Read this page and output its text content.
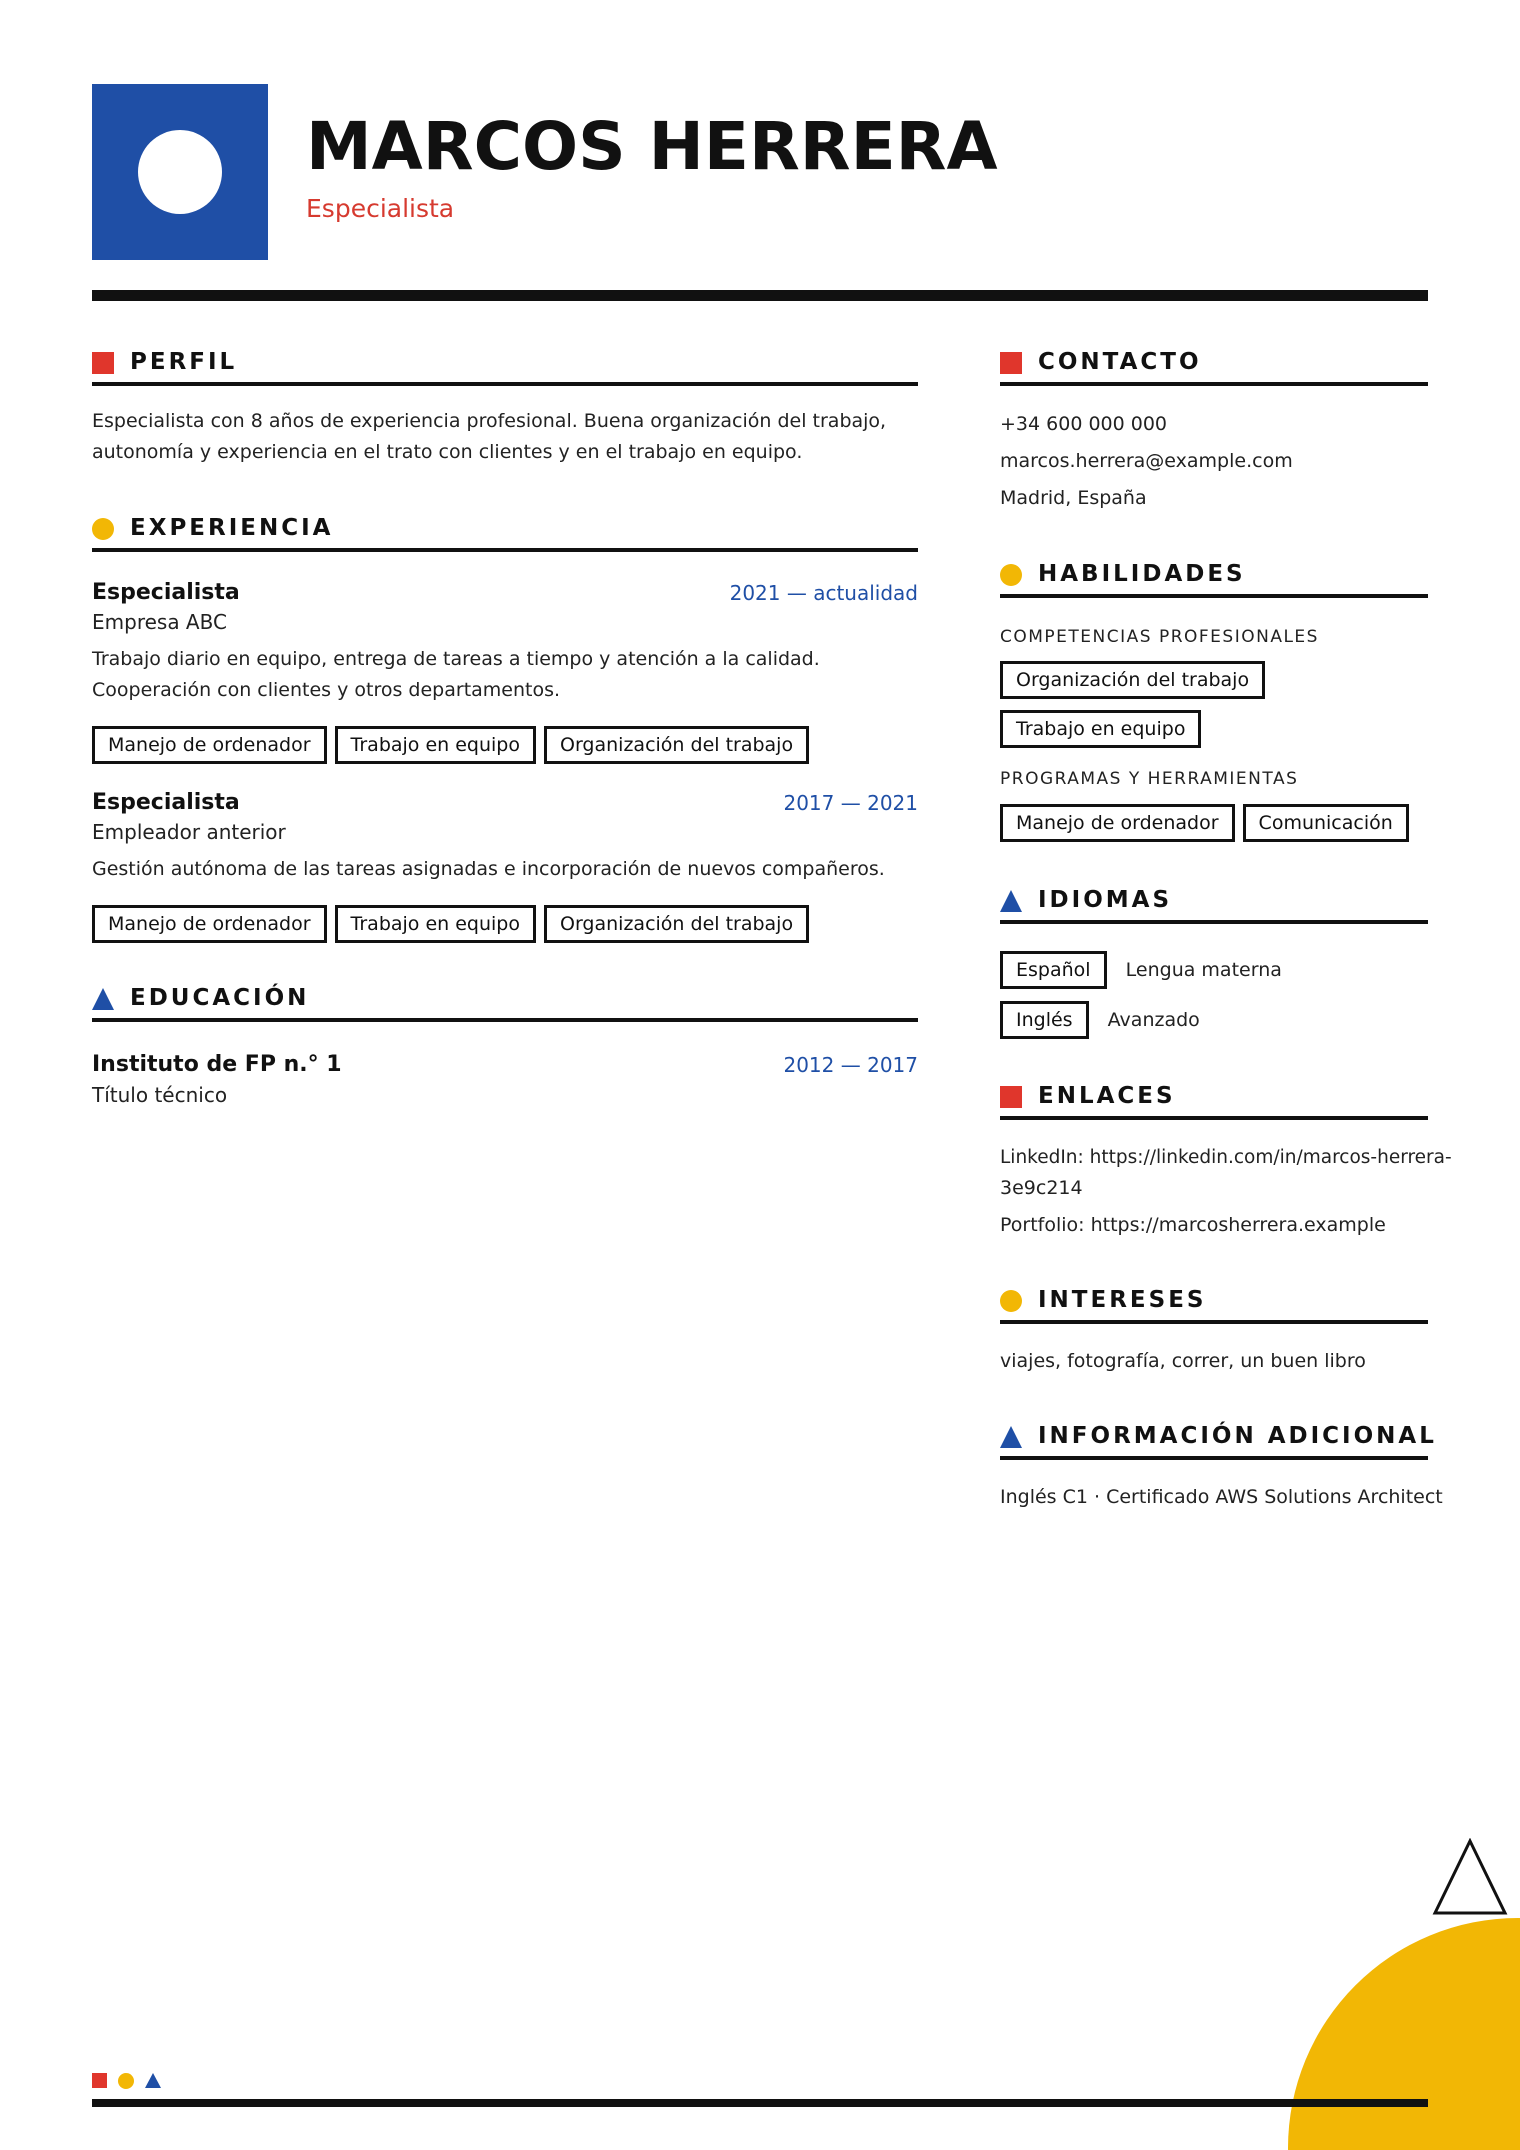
MARCOS HERRERA
Especialista
PERFIL
Especialista con 8 años de experiencia profesional. Buena organización del trabajo, autonomía y experiencia en el trato con clientes y en el trabajo en equipo.
EXPERIENCIA
Especialista	2021 — actualidad
Empresa ABC
Trabajo diario en equipo, entrega de tareas a tiempo y atención a la calidad. Cooperación con clientes y otros departamentos.
Manejo de ordenador Trabajo en equipo Organización del trabajo
Especialista	2017 — 2021
Empleador anterior
Gestión autónoma de las tareas asignadas e incorporación de nuevos compañeros.
Manejo de ordenador Trabajo en equipo Organización del trabajo
EDUCACIÓN
Instituto de FP n.° 1	2012 — 2017
Título técnico
CONTACTO
+34 600 000 000
marcos.herrera@example.com
Madrid, España
HABILIDADES
COMPETENCIAS PROFESIONALES
Organización del trabajo
Trabajo en equipo
PROGRAMAS Y HERRAMIENTAS
Manejo de ordenador Comunicación
IDIOMAS
Español Lengua materna
Inglés Avanzado
ENLACES
LinkedIn: https://linkedin.com/in/marcos-herrera-
3e9c214
Portfolio: https://marcosherrera.example
INTERESES
viajes, fotografía, correr, un buen libro
INFORMACIÓN ADICIONAL
Inglés C1 · Certificado AWS Solutions Architect
